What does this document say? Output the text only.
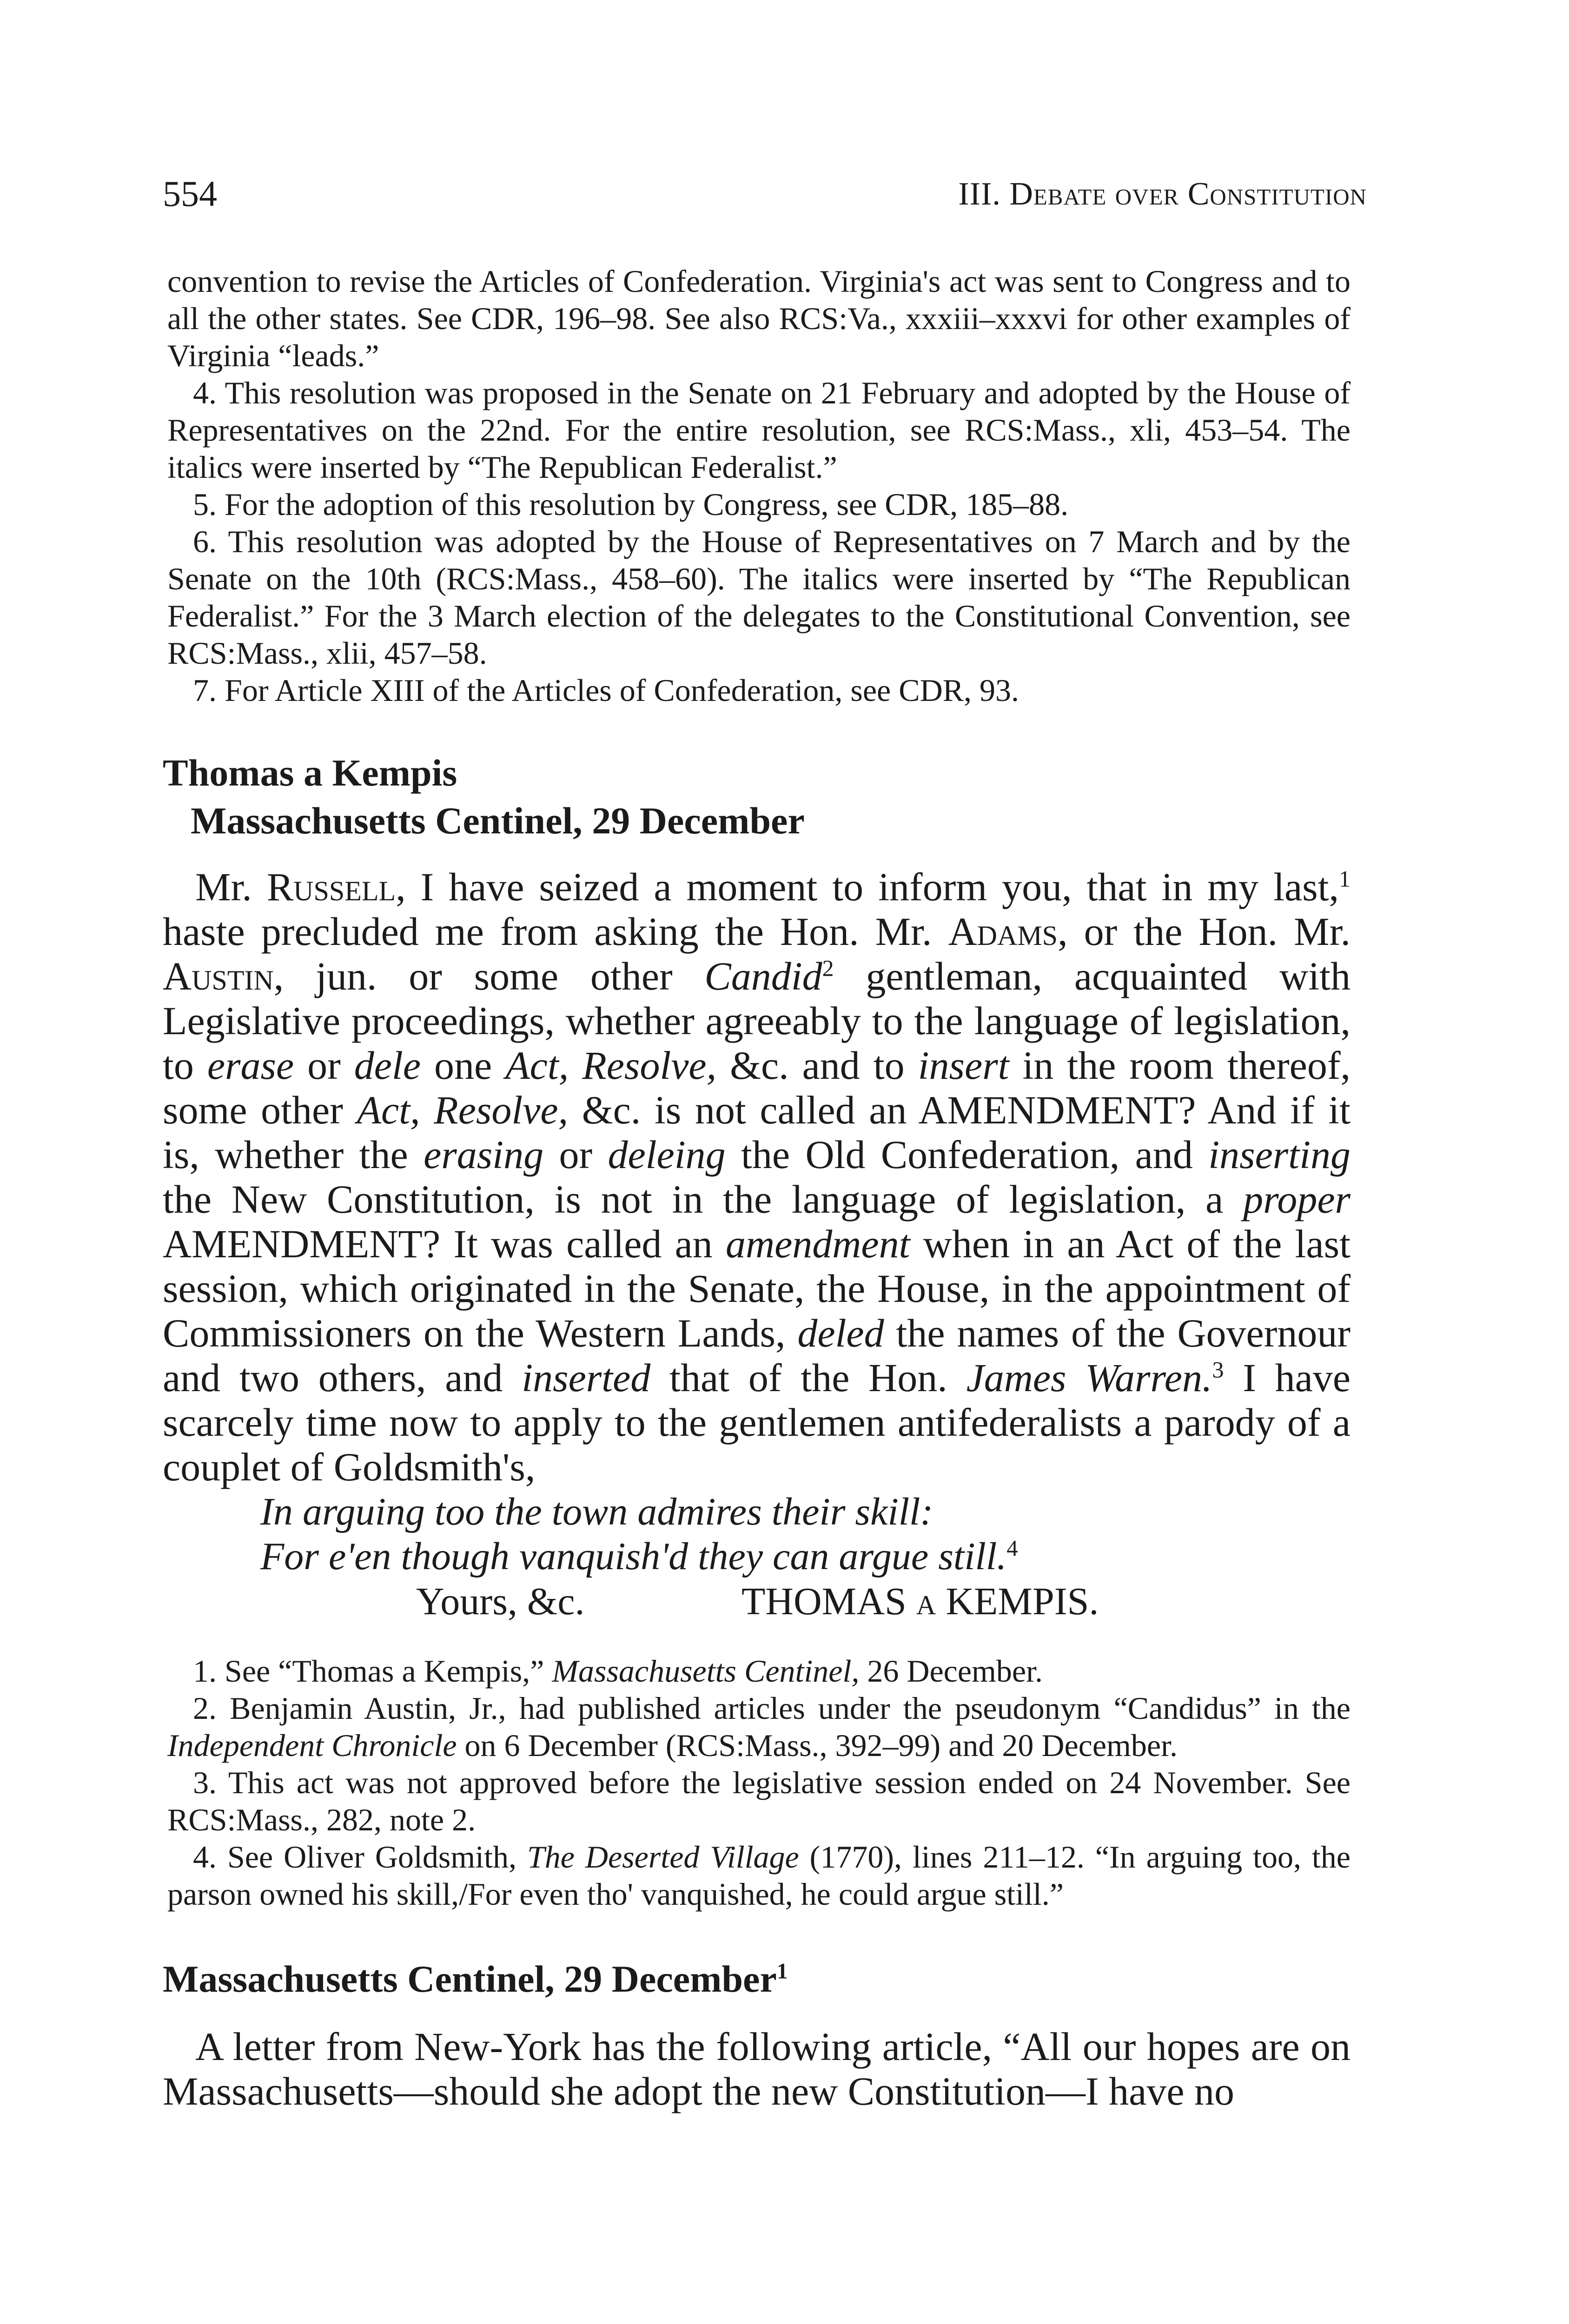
554	III. Debate over Constitution

convention to revise the Articles of Confederation. Virginia's act was sent to Congress and to all the other states. See CDR, 196–98. See also RCS:Va., xxxiii–xxxvi for other examples of Virginia “leads.”

4. This resolution was proposed in the Senate on 21 February and adopted by the House of Representatives on the 22nd. For the entire resolution, see RCS:Mass., xli, 453–54. The italics were inserted by “The Republican Federalist.”

5. For the adoption of this resolution by Congress, see CDR, 185–88.

6. This resolution was adopted by the House of Representatives on 7 March and by the Senate on the 10th (RCS:Mass., 458–60). The italics were inserted by “The Republican Federalist.” For the 3 March election of the delegates to the Constitutional Convention, see RCS:Mass., xlii, 457–58.

7. For Article XIII of the Articles of Confederation, see CDR, 93.

Thomas a Kempis
Massachusetts Centinel, 29 December

Mr. Russell, I have seized a moment to inform you, that in my last,$^1$ haste precluded me from asking the Hon. Mr. Adams, or the Hon. Mr. Austin, jun. or some other Candid$^2$ gentleman, acquainted with Legislative proceedings, whether agreeably to the language of legislation, to erase or dele one Act, Resolve, &c. and to insert in the room thereof, some other Act, Resolve, &c. is not called an AMENDMENT? And if it is, whether the erasing or deleing the Old Confederation, and inserting the New Constitution, is not in the language of legislation, a proper AMENDMENT? It was called an amendment when in an Act of the last session, which originated in the Senate, the House, in the appointment of Commissioners on the Western Lands, deled the names of the Governour and two others, and inserted that of the Hon. James Warren.$^3$ I have scarcely time now to apply to the gentlemen antifederalists a parody of a couplet of Goldsmith's,

In arguing too the town admires their skill:
For e'en though vanquish'd they can argue still.$^4$
Yours, &c.	THOMAS a KEMPIS.

1. See “Thomas a Kempis,” Massachusetts Centinel, 26 December.

2. Benjamin Austin, Jr., had published articles under the pseudonym “Candidus” in the Independent Chronicle on 6 December (RCS:Mass., 392–99) and 20 December.

3. This act was not approved before the legislative session ended on 24 November. See RCS:Mass., 282, note 2.

4. See Oliver Goldsmith, The Deserted Village (1770), lines 211–12. “In arguing too, the parson owned his skill,/For even tho' vanquished, he could argue still.”

Massachusetts Centinel, 29 December$^1$

A letter from New-York has the following article, “All our hopes are on Massachusetts—should she adopt the new Constitution—I have no
